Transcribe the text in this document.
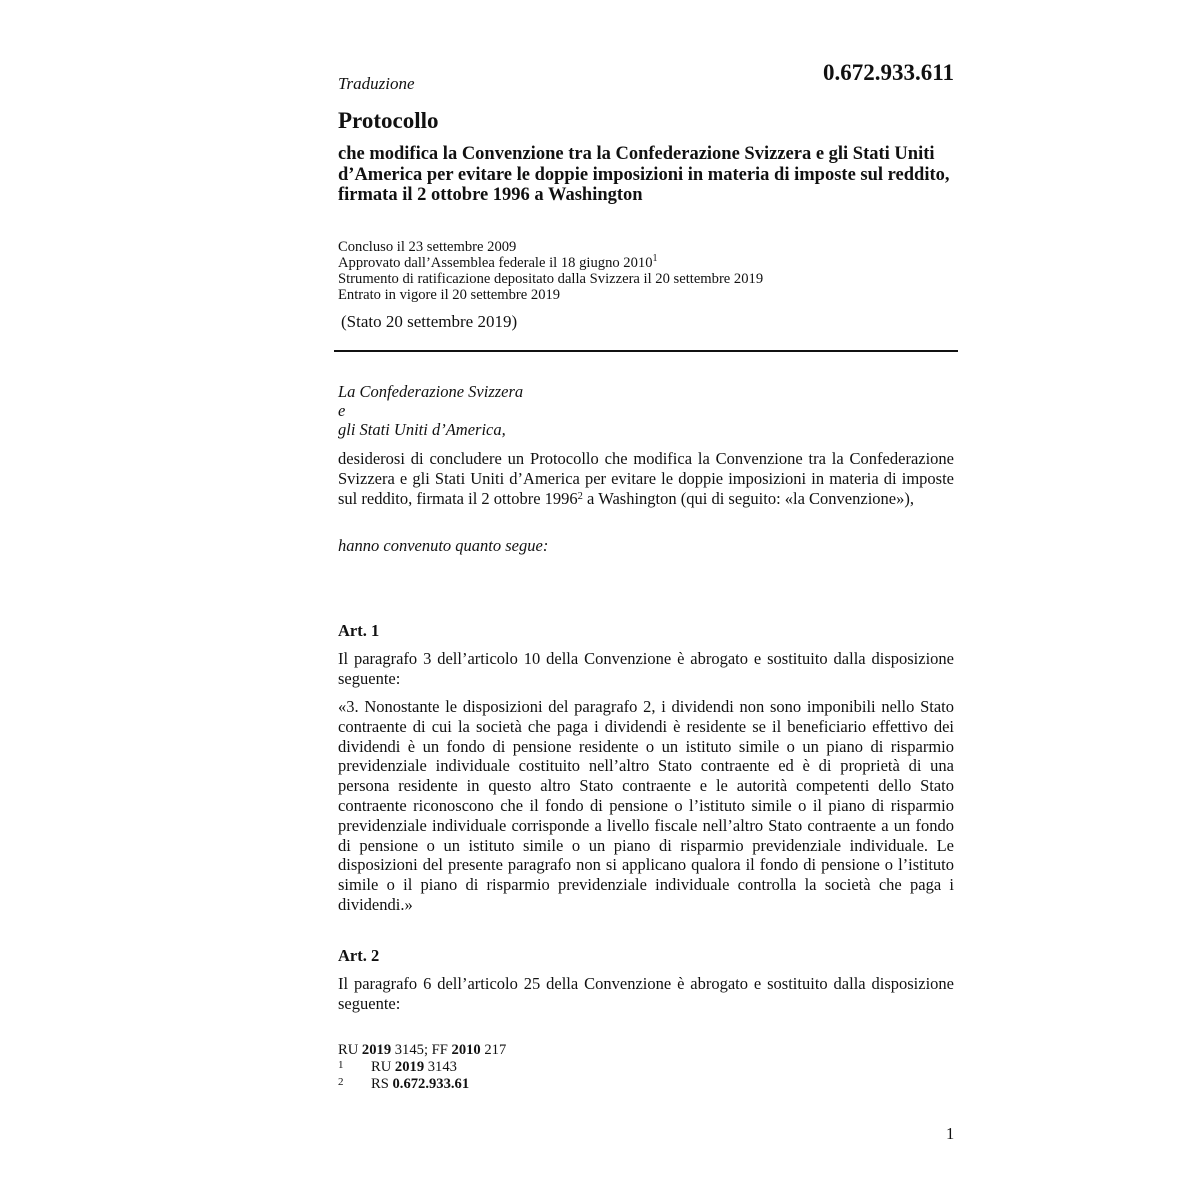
Traduzione	0.672.933.611
Protocollo
che modifica la Convenzione tra la Confederazione Svizzera e gli Stati Uniti d’America per evitare le doppie imposizioni in materia di imposte sul reddito, firmata il 2 ottobre 1996 a Washington
Concluso il 23 settembre 2009
Approvato dall’Assemblea federale il 18 giugno 2010$^1$
Strumento di ratificazione depositato dalla Svizzera il 20 settembre 2019
Entrato in vigore il 20 settembre 2019
(Stato 20 settembre 2019)
La Confederazione Svizzera
e
gli Stati Uniti d’America,
desiderosi di concludere un Protocollo che modifica la Convenzione tra la Confederazione Svizzera e gli Stati Uniti d’America per evitare le doppie imposizioni in materia di imposte sul reddito, firmata il 2 ottobre 1996$^2$ a Washington (qui di seguito: «la Convenzione»),
hanno convenuto quanto segue:
Art. 1
Il paragrafo 3 dell’articolo 10 della Convenzione è abrogato e sostituito dalla disposizione seguente:
«3. Nonostante le disposizioni del paragrafo 2, i dividendi non sono imponibili nello Stato contraente di cui la società che paga i dividendi è residente se il beneficiario effettivo dei dividendi è un fondo di pensione residente o un istituto simile o un piano di risparmio previdenziale individuale costituito nell’altro Stato contraente ed è di proprietà di una persona residente in questo altro Stato contraente e le autorità competenti dello Stato contraente riconoscono che il fondo di pensione o l’istituto simile o il piano di risparmio previdenziale individuale corrisponde a livello fiscale nell’altro Stato contraente a un fondo di pensione o un istituto simile o un piano di risparmio previdenziale individuale. Le disposizioni del presente paragrafo non si applicano qualora il fondo di pensione o l’istituto simile o il piano di risparmio previdenziale individuale controlla la società che paga i dividendi.»
Art. 2
Il paragrafo 6 dell’articolo 25 della Convenzione è abrogato e sostituito dalla disposizione seguente:
RU 2019 3145; FF 2010 217
1 RU 2019 3143
2 RS 0.672.933.61
1
